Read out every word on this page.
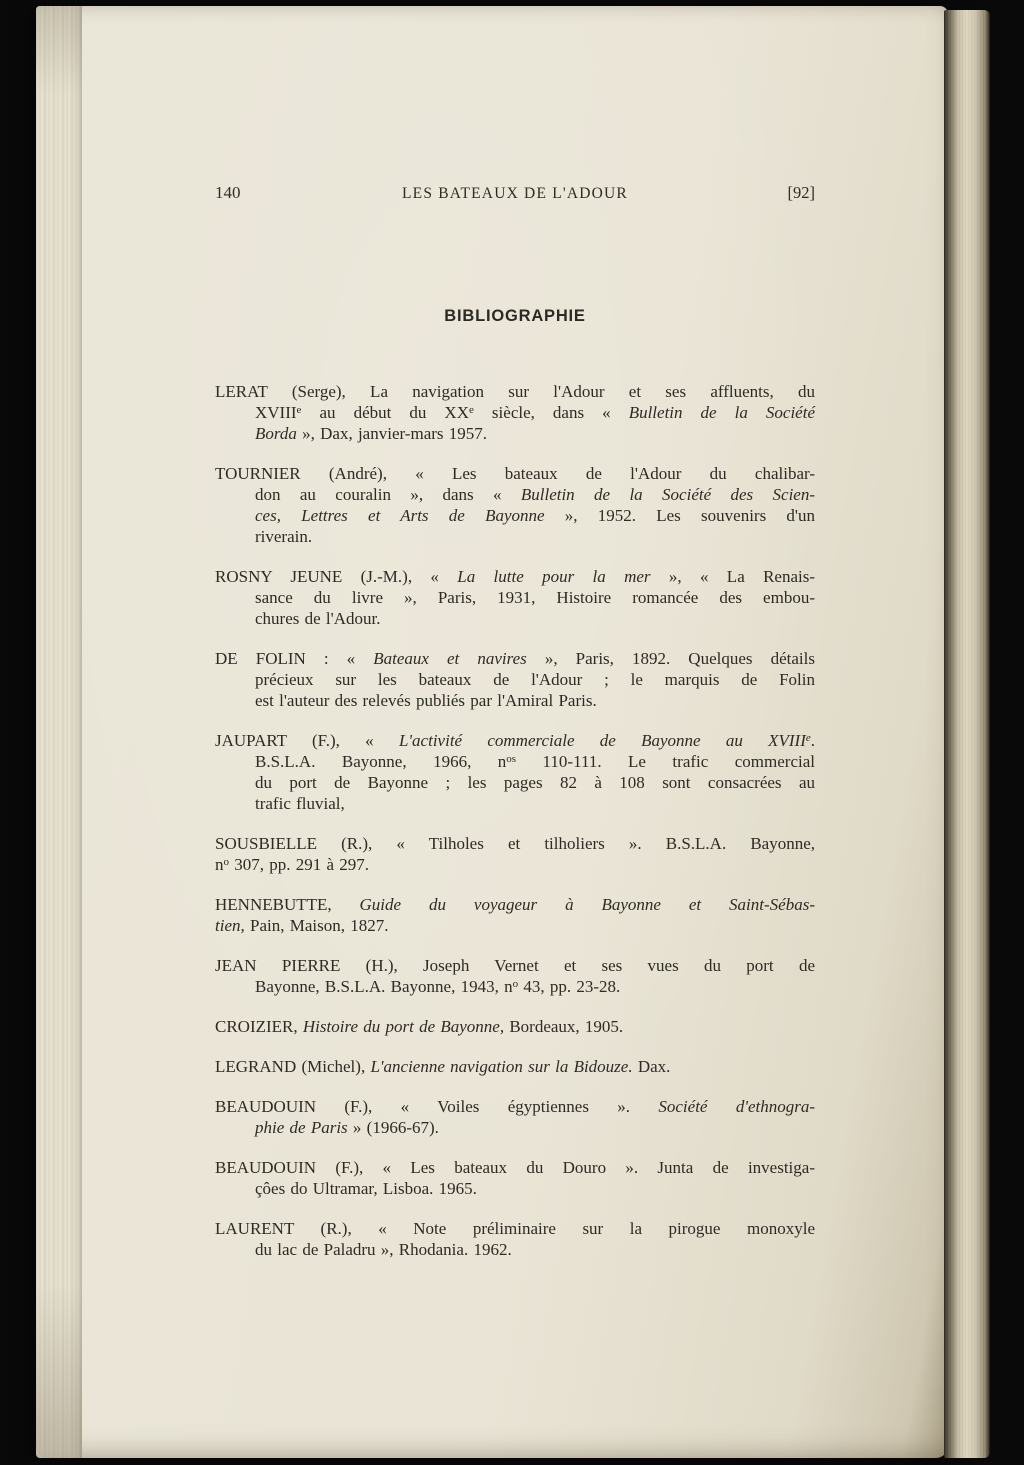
140	LES BATEAUX DE L'ADOUR	[92]
BIBLIOGRAPHIE
LERAT (Serge), La navigation sur l'Adour et ses affluents, du
XVIIIe au début du XXe siècle, dans « Bulletin de la Société
Borda », Dax, janvier-mars 1957.
TOURNIER (André), « Les bateaux de l'Adour du chalibar-
don au couralin », dans « Bulletin de la Société des Scien-
ces, Lettres et Arts de Bayonne », 1952. Les souvenirs d'un
riverain.
ROSNY JEUNE (J.-M.), « La lutte pour la mer », « La Renais-
sance du livre », Paris, 1931, Histoire romancée des embou-
chures de l'Adour.
DE FOLIN : « Bateaux et navires », Paris, 1892. Quelques détails
précieux sur les bateaux de l'Adour ; le marquis de Folin
est l'auteur des relevés publiés par l'Amiral Paris.
JAUPART (F.), « L'activité commerciale de Bayonne au XVIIIe.
B.S.L.A. Bayonne, 1966, $n^{os}$ 110-111. Le trafic commercial
du port de Bayonne ; les pages 82 à 108 sont consacrées au
trafic fluvial,
SOUSBIELLE (R.), « Tilholes et tilholiers ». B.S.L.A. Bayonne,
$n^o$ 307, pp. 291 à 297.
HENNEBUTTE, Guide du voyageur à Bayonne et Saint-Sébas-
tien, Pain, Maison, 1827.
JEAN PIERRE (H.), Joseph Vernet et ses vues du port de
Bayonne, B.S.L.A. Bayonne, 1943, $n^o$ 43, pp. 23-28.
CROIZIER, Histoire du port de Bayonne, Bordeaux, 1905.
LEGRAND (Michel), L'ancienne navigation sur la Bidouze. Dax.
BEAUDOUIN (F.), « Voiles égyptiennes ». Société d'ethnogra-
phie de Paris » (1966-67).
BEAUDOUIN (F.), « Les bateaux du Douro ». Junta de investiga-
çôes do Ultramar, Lisboa. 1965.
LAURENT (R.), « Note préliminaire sur la pirogue monoxyle
du lac de Paladru », Rhodania. 1962.
